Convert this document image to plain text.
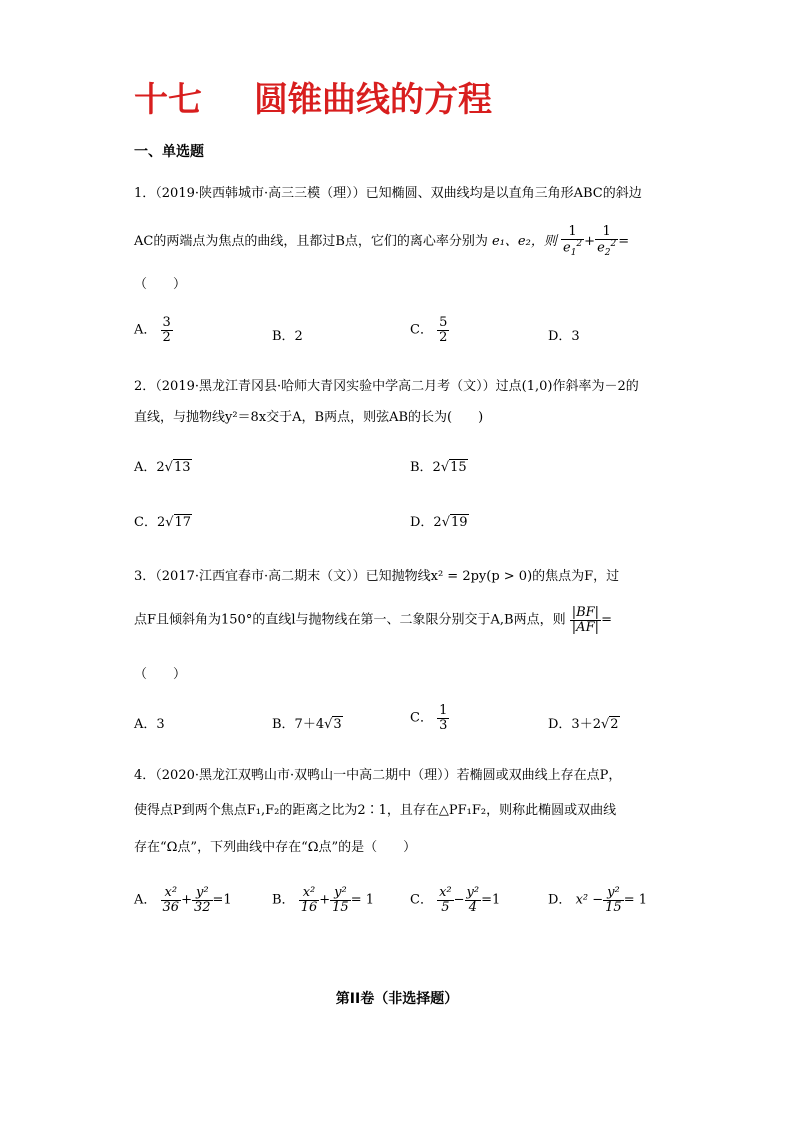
十七 圆锥曲线的方程
一、单选题
1．（2019·陕西韩城市·高三三模（理））已知椭圆、双曲线均是以直角三角形ABC的斜边
AC的两端点为焦点的曲线，且都过B点，它们的离心率分别为 e₁、e₂，则 $\frac{1}{e_1^2} + \frac{1}{e_2^2}$ =
（　　）
A． $\frac{3}{2}$	B．2	C． $\frac{5}{2}$	D．3
2．（2019·黑龙江青冈县·哈师大青冈实验中学高二月考（文））过点(1,0)作斜率为－2的
直线，与抛物线y²＝8x交于A，B两点，则弦AB的长为(　　)
A．2√13	B．2√15
C．2√17	D．2√19
3．（2017·江西宜春市·高二期末（文））已知抛物线x² = 2py(p > 0)的焦点为F，过
点F且倾斜角为150°的直线l与抛物线在第一、二象限分别交于A,B两点，则 $\frac{|BF|}{|AF|}$ =
（　　）
A．3	B．7＋4√3	C． $\frac{1}{3}$	D．3＋2√2
4．（2020·黑龙江双鸭山市·双鸭山一中高二期中（理））若椭圆或双曲线上存在点P，
使得点P到两个焦点F₁,F₂的距离之比为2∶1，且存在△PF₁F₂，则称此椭圆或双曲线
存在“Ω点”，下列曲线中存在“Ω点”的是（　　）
A． $\frac{\text{x²}}{36} + \frac{\text{y²}}{32} =1$	B． $\frac{\text{x²}}{16} + \frac{\text{y²}}{15} = 1$	C． $\frac{\text{x²}}{5} - \frac{\text{y²}}{4} =1$	D． $x^2 - \frac{\text{y²}}{15} = 1$
第II卷（非选择题）
